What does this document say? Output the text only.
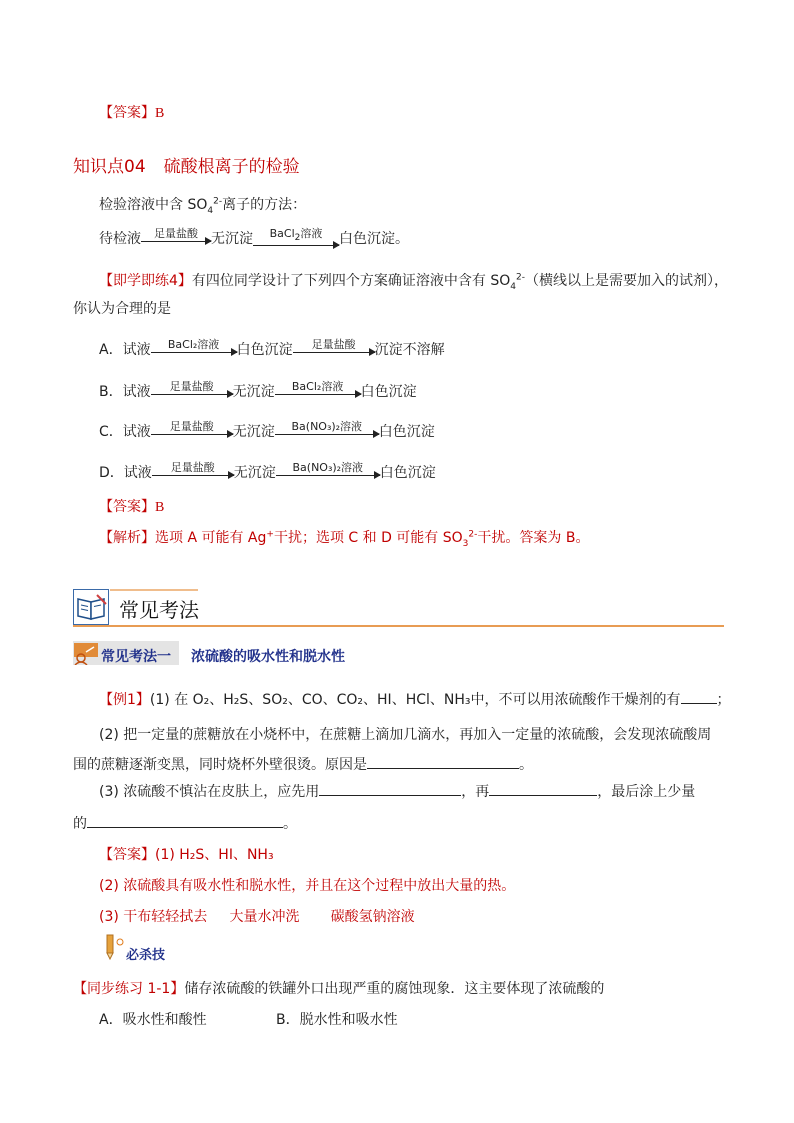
【答案】B
知识点04 硫酸根离子的检验
检验溶液中含 $SO_4^{2-}$离子的方法：
待检液	足量盐酸 无沉淀	BaCl$_2$溶液	白色沉淀。
【即学即练4】有四位同学设计了下列四个方案确证溶液中含有 $SO_4^{2-}$（横线以上是需要加入的试剂），
你认为合理的是
A．试液	BaCl₂溶液	白色沉淀	足量盐酸	沉淀不溶解
B．试液	足量盐酸	无沉淀	BaCl₂溶液	白色沉淀
C．试液	足量盐酸	无沉淀	Ba(NO₃)₂溶液	白色沉淀
D．试液	足量盐酸	无沉淀	Ba(NO₃)₂溶液	白色沉淀
【答案】B
【解析】选项 A 可能有 Ag+干扰；选项 C 和 D 可能有 $SO_3^{2-}$干扰。答案为 B。
常见考法
常见考法一 浓硫酸的吸水性和脱水性
【例1】(1) 在 O₂、H₂S、SO₂、CO、CO₂、HI、HCl、NH₃中，不可以用浓硫酸作干燥剂的有	；
(2) 把一定量的蔗糖放在小烧杯中，在蔗糖上滴加几滴水，再加入一定量的浓硫酸，会发现浓硫酸周
围的蔗糖逐渐变黑，同时烧杯外壁很烫。原因是	。
(3) 浓硫酸不慎沾在皮肤上，应先用	，再	，最后涂上少量
的	。
【答案】(1) H₂S、HI、NH₃
(2) 浓硫酸具有吸水性和脱水性，并且在这个过程中放出大量的热。
(3) 干布轻轻拭去     大量水冲洗       碳酸氢钠溶液
必杀技
【同步练习 1-1】储存浓硫酸的铁罐外口出现严重的腐蚀现象．这主要体现了浓硫酸的
A．吸水性和酸性	B．脱水性和吸水性
